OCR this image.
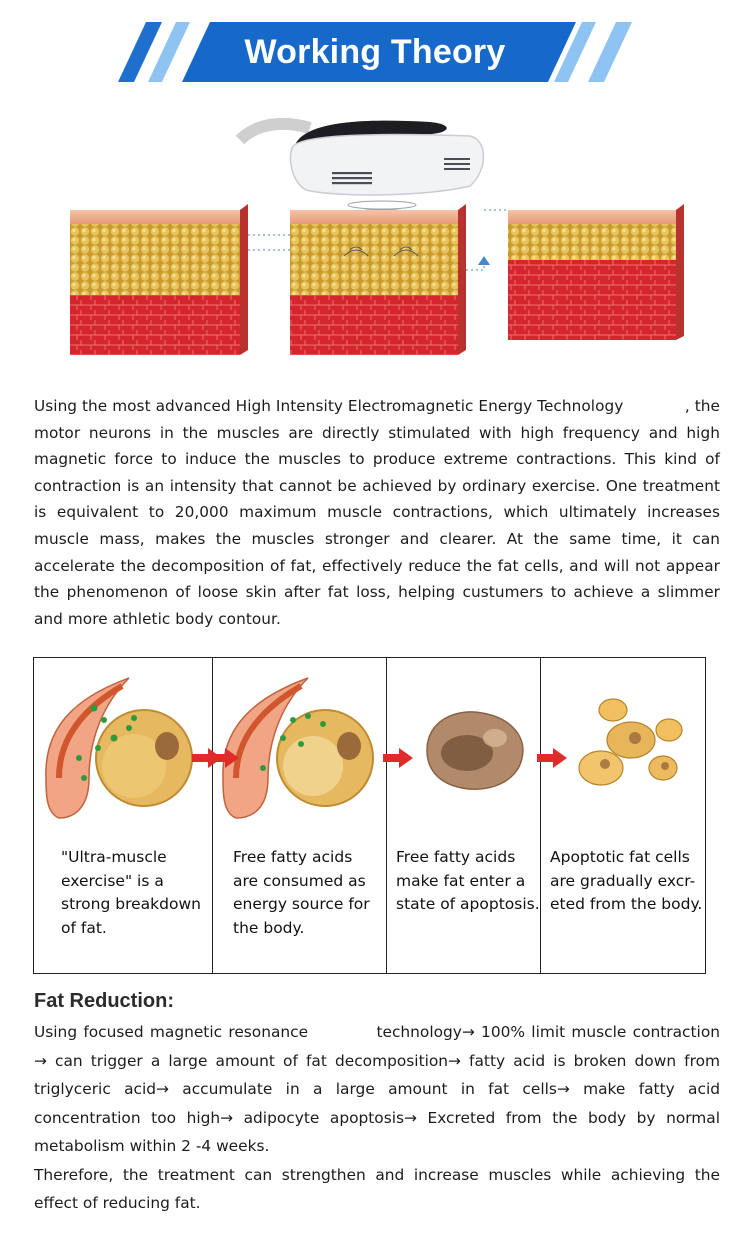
Working Theory

Using the most advanced High Intensity Electromagnetic Energy Technology　　　　, the motor neurons in the muscles are directly stimulated with high frequency and high magnetic force to induce the muscles to produce extreme contractions. This kind of contraction is an intensity that cannot be achieved by ordinary exercise. One treatment is equivalent to 20,000 maximum muscle contractions, which ultimately increases muscle mass, makes the muscles stronger and clearer. At the same time, it can accelerate the decomposition of fat, effectively reduce the fat cells, and will not appear the phenomenon of loose skin after fat loss, helping custumers to achieve a slimmer and more athletic body contour.

"Ultra-muscle
exercise" is a
strong breakdown
of fat.
Free fatty acids
are consumed as
energy source for
the body.
Free fatty acids
make fat enter a
state of apoptosis.
Apoptotic fat cells
are gradually excr-
eted from the body.
Fat Reduction:
Using focused magnetic resonance　　　　technology→ 100% limit muscle contraction → can trigger a large amount of fat decomposition→ fatty acid is broken down from triglyceric acid→ accumulate in a large amount in fat cells→ make fatty acid concentration too high→ adipocyte apoptosis→ Excreted from the body by normal metabolism within 2 -4 weeks.
Therefore, the treatment can strengthen and increase muscles while achieving the effect of reducing fat.
